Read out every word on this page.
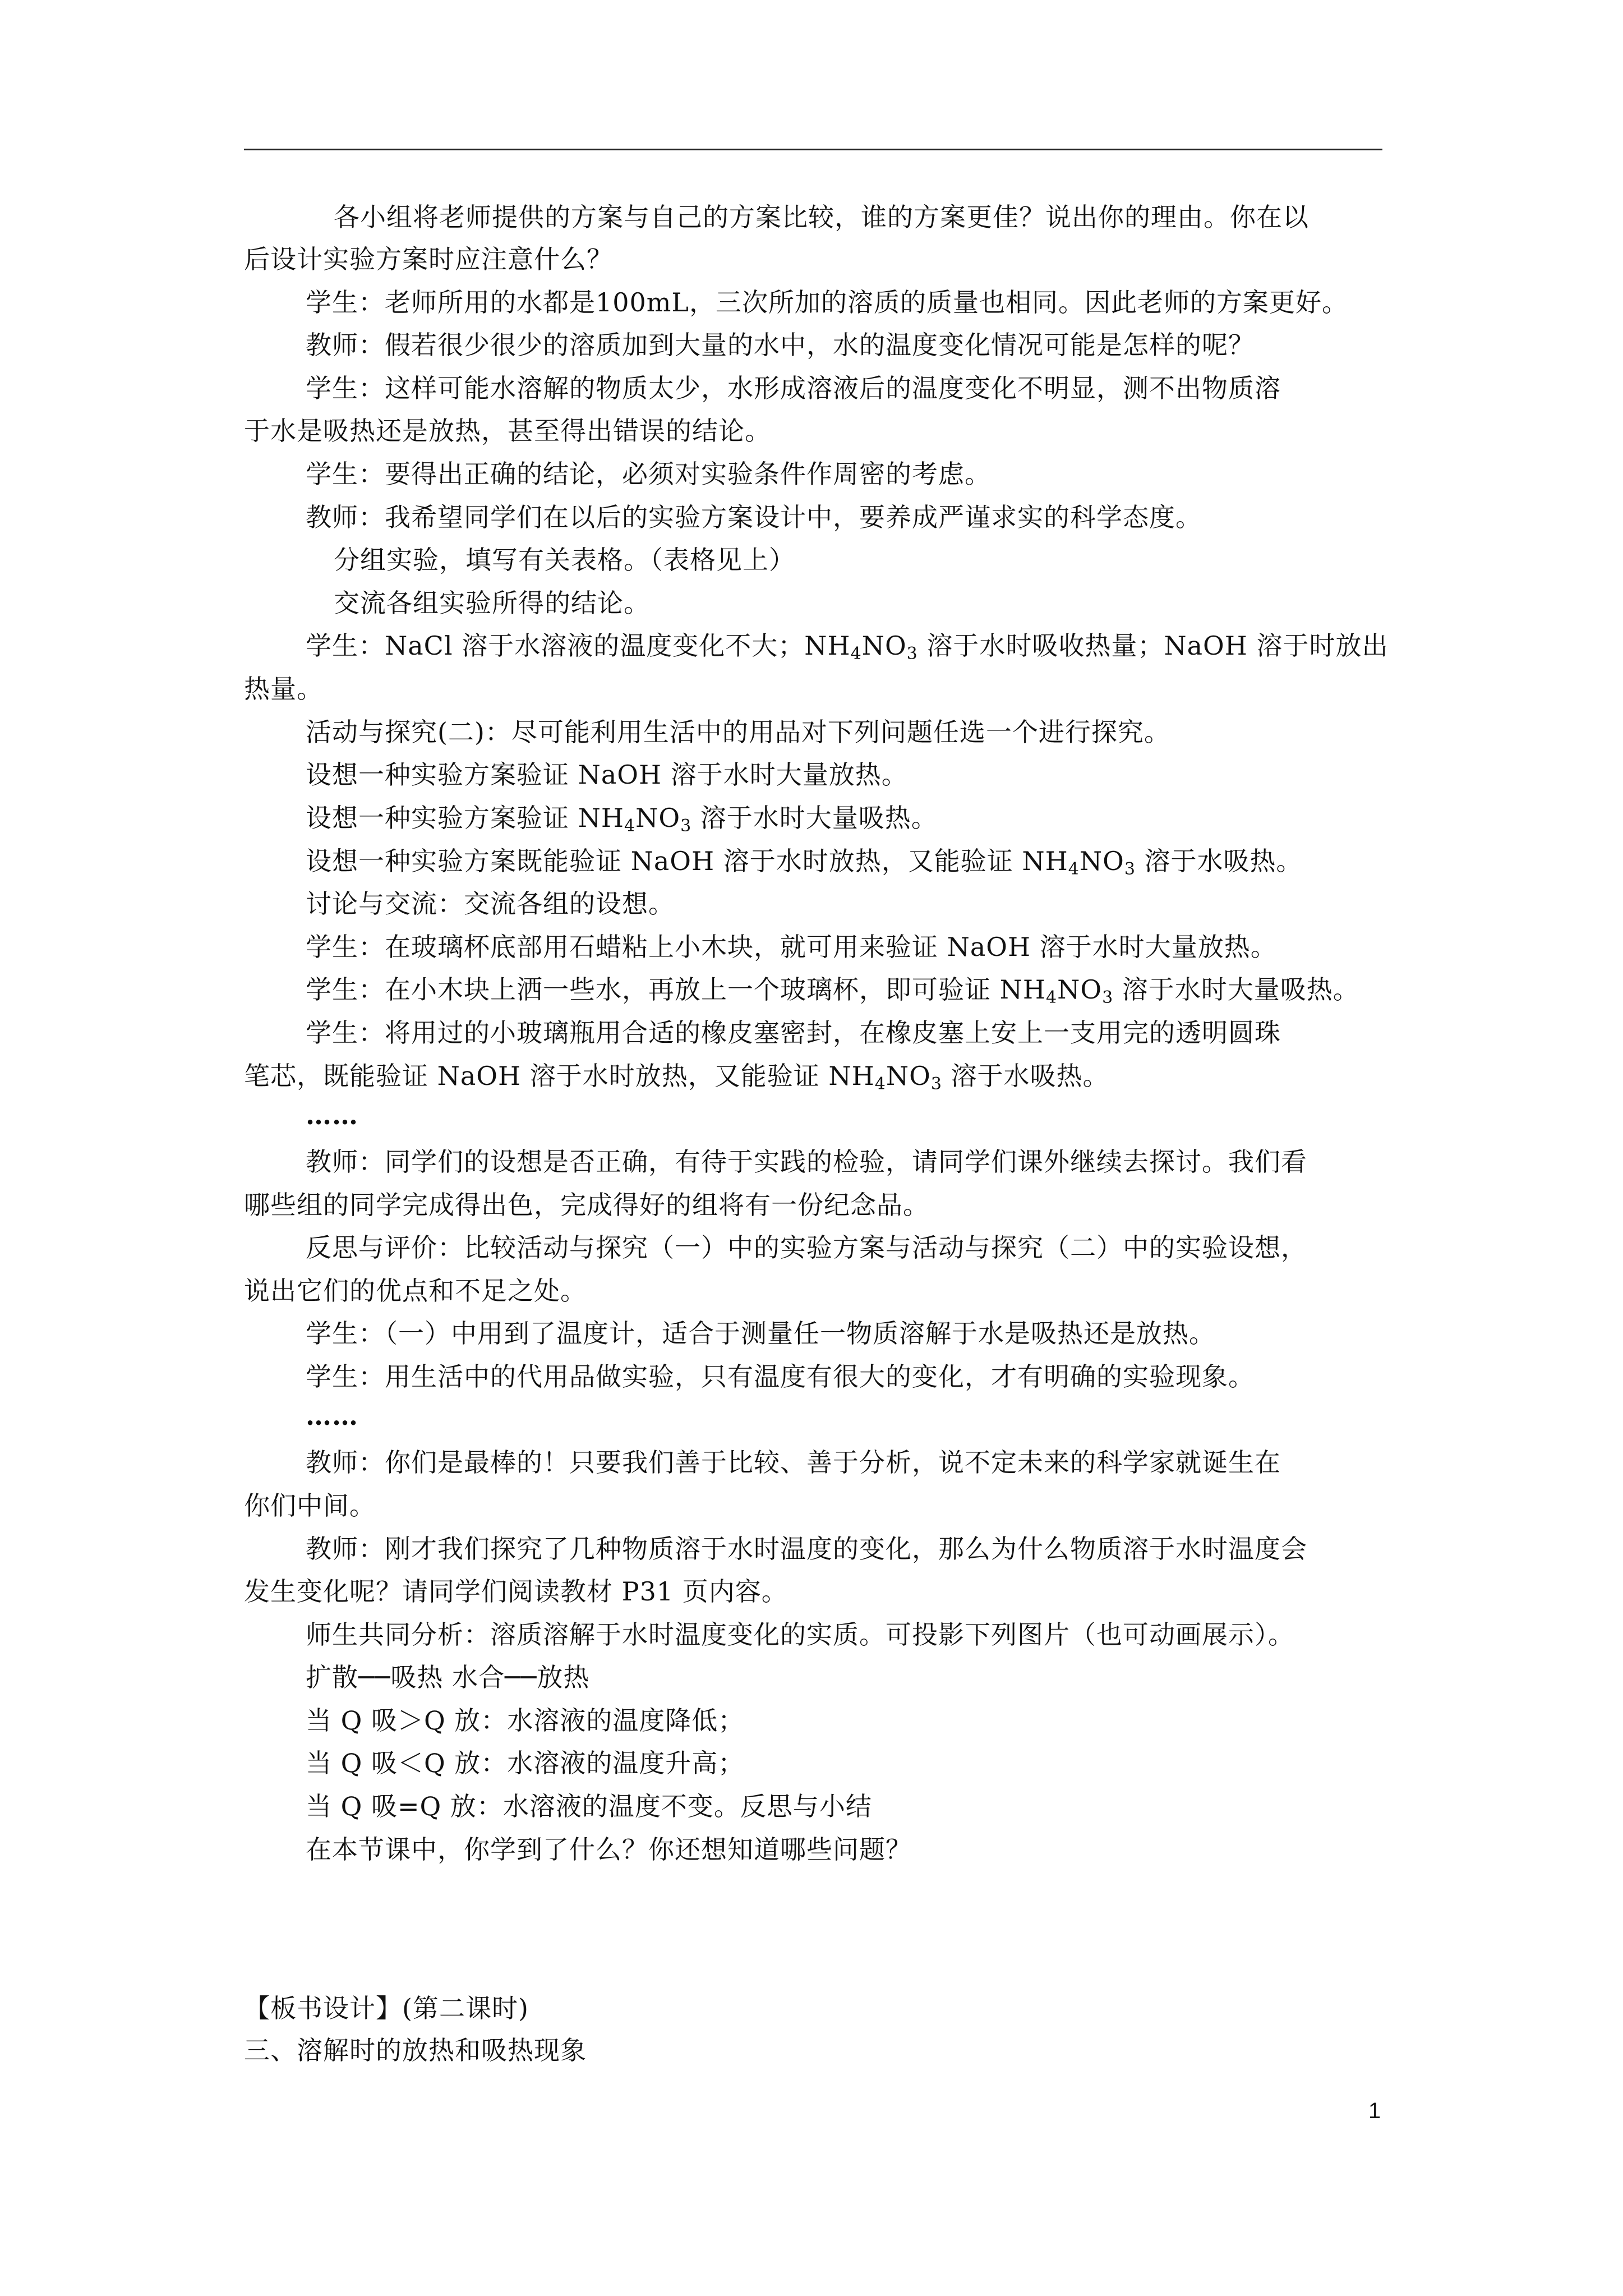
各小组将老师提供的方案与自己的方案比较，谁的方案更佳？说出你的理由。你在以
后设计实验方案时应注意什么？
学生：老师所用的水都是100mL，三次所加的溶质的质量也相同。因此老师的方案更好。
教师：假若很少很少的溶质加到大量的水中，水的温度变化情况可能是怎样的呢？
学生：这样可能水溶解的物质太少，水形成溶液后的温度变化不明显，测不出物质溶
于水是吸热还是放热，甚至得出错误的结论。
学生：要得出正确的结论，必须对实验条件作周密的考虑。
教师：我希望同学们在以后的实验方案设计中，要养成严谨求实的科学态度。
分组实验，填写有关表格。（表格见上）
交流各组实验所得的结论。
学生：NaCl 溶于水溶液的温度变化不大；$NH_4NO_3$ 溶于水时吸收热量；NaOH 溶于时放出
热量。
活动与探究(二)：尽可能利用生活中的用品对下列问题任选一个进行探究。
设想一种实验方案验证 NaOH 溶于水时大量放热。
设想一种实验方案验证 $NH_4NO_3$ 溶于水时大量吸热。
设想一种实验方案既能验证 NaOH 溶于水时放热，又能验证 $NH_4NO_3$ 溶于水吸热。
讨论与交流：交流各组的设想。
学生：在玻璃杯底部用石蜡粘上小木块，就可用来验证 NaOH 溶于水时大量放热。
学生：在小木块上洒一些水，再放上一个玻璃杯，即可验证 $NH_4NO_3$ 溶于水时大量吸热。
学生：将用过的小玻璃瓶用合适的橡皮塞密封，在橡皮塞上安上一支用完的透明圆珠
笔芯，既能验证 NaOH 溶于水时放热，又能验证 $NH_4NO_3$ 溶于水吸热。
……
教师：同学们的设想是否正确，有待于实践的检验，请同学们课外继续去探讨。我们看
哪些组的同学完成得出色，完成得好的组将有一份纪念品。
反思与评价：比较活动与探究（一）中的实验方案与活动与探究（二）中的实验设想，
说出它们的优点和不足之处。
学生：（一）中用到了温度计，适合于测量任一物质溶解于水是吸热还是放热。
学生：用生活中的代用品做实验，只有温度有很大的变化，才有明确的实验现象。
……
教师：你们是最棒的！只要我们善于比较、善于分析，说不定未来的科学家就诞生在
你们中间。
教师：刚才我们探究了几种物质溶于水时温度的变化，那么为什么物质溶于水时温度会
发生变化呢？请同学们阅读教材 P31 页内容。
师生共同分析：溶质溶解于水时温度变化的实质。可投影下列图片（也可动画展示）。
扩散──吸热 水合──放热
当 Q 吸＞Q 放：水溶液的温度降低；
当 Q 吸＜Q 放：水溶液的温度升高；
当 Q 吸=Q 放：水溶液的温度不变。反思与小结
在本节课中，你学到了什么？你还想知道哪些问题？
【板书设计】(第二课时)
三、溶解时的放热和吸热现象
1
